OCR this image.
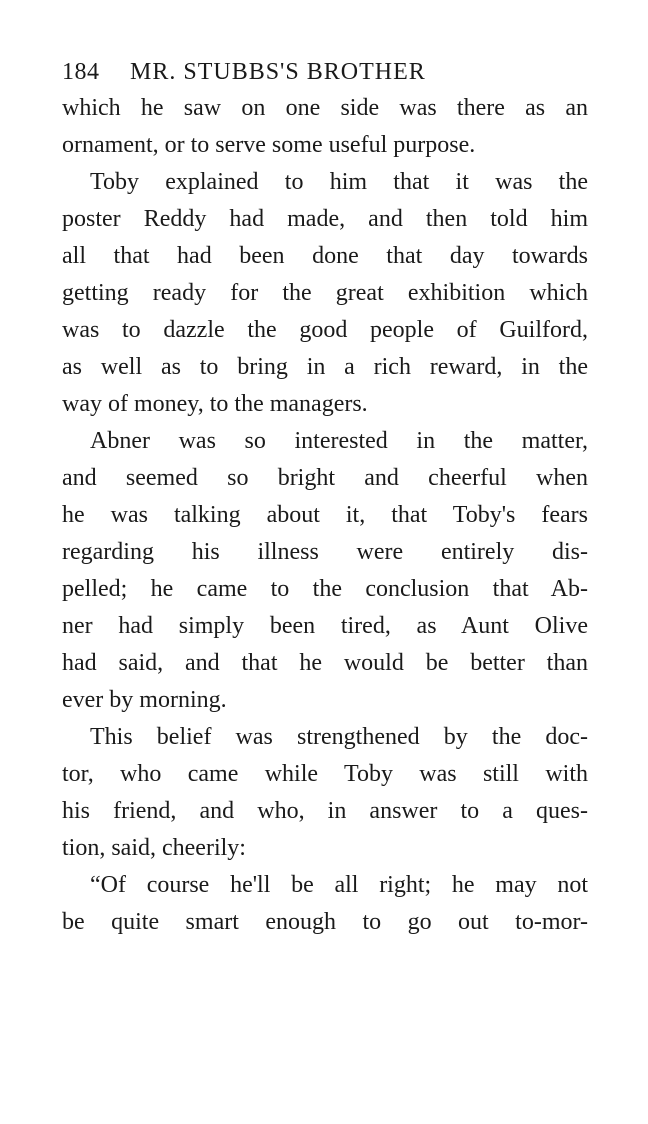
184 MR. STUBBS'S BROTHER
which he saw on one side was there as an
ornament, or to serve some useful purpose.
Toby explained to him that it was the
poster Reddy had made, and then told him
all that had been done that day towards
getting ready for the great exhibition which
was to dazzle the good people of Guilford,
as well as to bring in a rich reward, in the
way of money, to the managers.
Abner was so interested in the matter,
and seemed so bright and cheerful when
he was talking about it, that Toby's fears
regarding his illness were entirely dis-
pelled; he came to the conclusion that Ab-
ner had simply been tired, as Aunt Olive
had said, and that he would be better than
ever by morning.
This belief was strengthened by the doc-
tor, who came while Toby was still with
his friend, and who, in answer to a ques-
tion, said, cheerily:
“Of course he'll be all right; he may not
be quite smart enough to go out to-mor-
